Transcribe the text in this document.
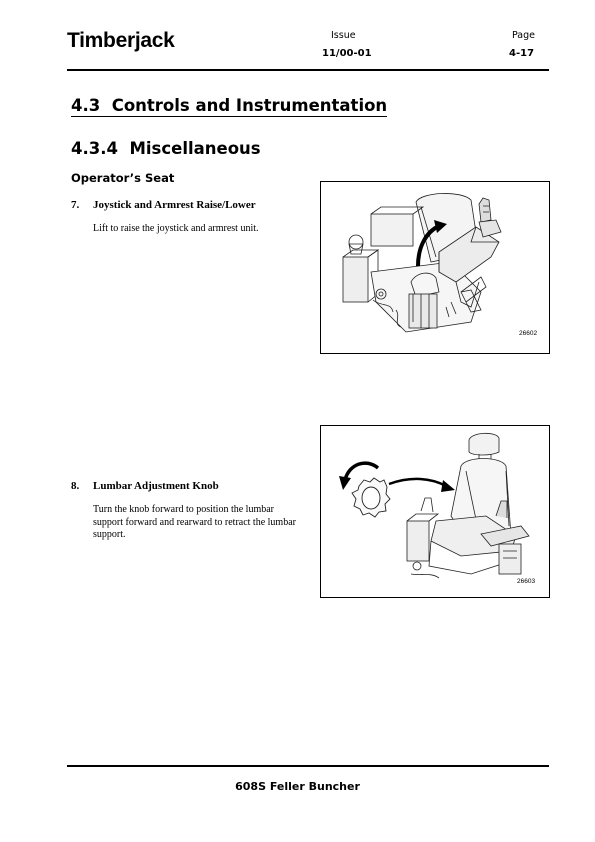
Timberjack	Issue
11/00-01
Page
4-17
4.3  Controls and Instrumentation
4.3.4  Miscellaneous
Operator’s Seat
7. Joystick and Armrest Raise/Lower
Lift to raise the joystick and armrest unit.
26602
8. Lumbar Adjustment Knob
Turn the knob forward to position the lumbar support forward and rearward to retract the lumbar support.
26603
608S Feller Buncher
